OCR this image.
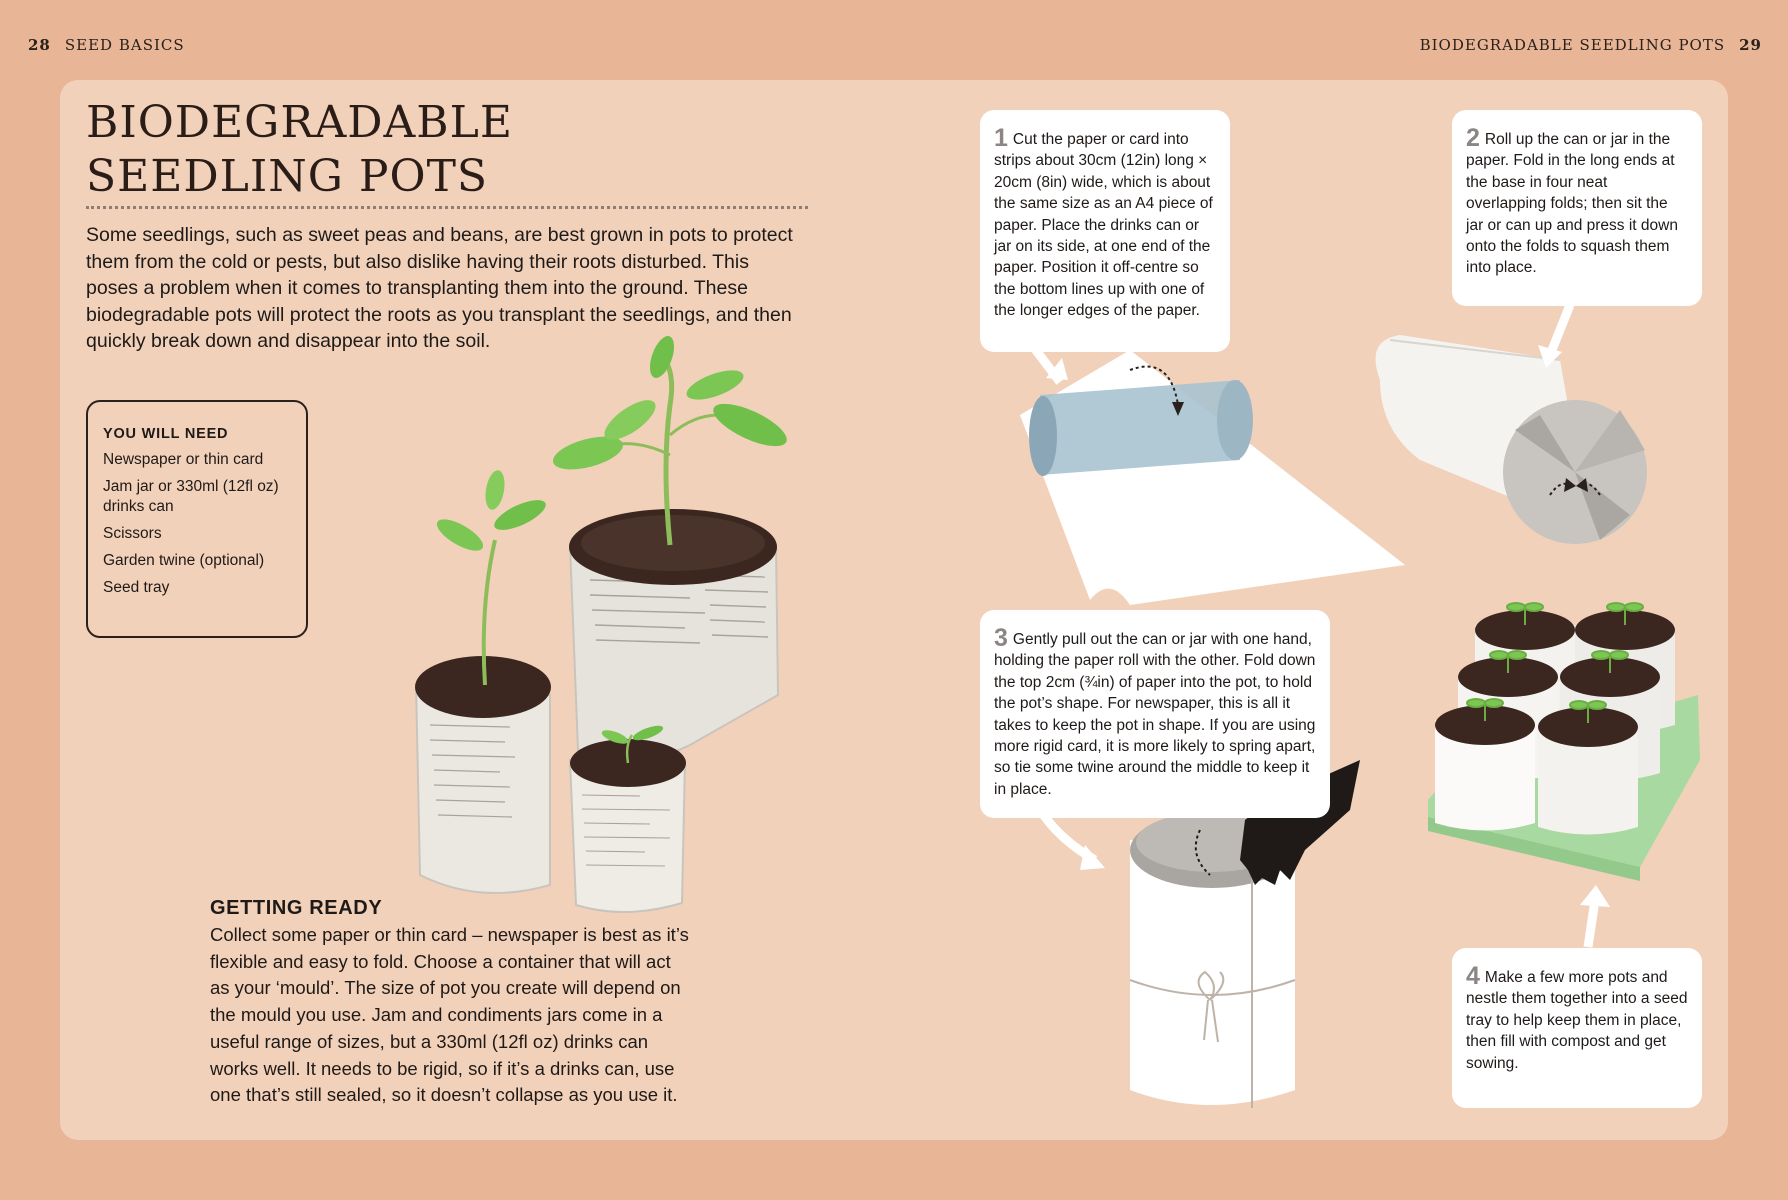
28 SEED BASICS	BIODEGRADABLE SEEDLING POTS 29
BIODEGRADABLE
SEEDLING POTS

Some seedlings, such as sweet peas and beans, are best grown in pots to protect them from the cold or pests, but also dislike having their roots disturbed. This poses a problem when it comes to transplanting them into the ground. These biodegradable pots will protect the roots as you transplant the seedlings, and then quickly break down and disappear into the soil.

YOU WILL NEED
Newspaper or thin card
Jam jar or 330ml (12fl oz) drinks can
Scissors
Garden twine (optional)
Seed tray
GETTING READY

Collect some paper or thin card – newspaper is best as it’s flexible and easy to fold. Choose a container that will act as your ‘mould’. The size of pot you create will depend on the mould you use. Jam and condiments jars come in a useful range of sizes, but a 330ml (12fl oz) drinks can works well. It needs to be rigid, so if it’s a drinks can, use one that’s still sealed, so it doesn’t collapse as you use it.

1 Cut the paper or card into strips about 30cm (12in) long × 20cm (8in) wide, which is about the same size as an A4 piece of paper. Place the drinks can or jar on its side, at one end of the paper. Position it off-centre so the bottom lines up with one of the longer edges of the paper.
2 Roll up the can or jar in the paper. Fold in the long ends at the base in four neat overlapping folds; then sit the jar or can up and press it down onto the folds to squash them into place.
3 Gently pull out the can or jar with one hand, holding the paper roll with the other. Fold down the top 2cm (¾in) of paper into the pot, to hold the pot’s shape. For newspaper, this is all it takes to keep the pot in shape. If you are using more rigid card, it is more likely to spring apart, so tie some twine around the middle to keep it in place.
4 Make a few more pots and nestle them together into a seed tray to help keep them in place, then fill with compost and get sowing.
